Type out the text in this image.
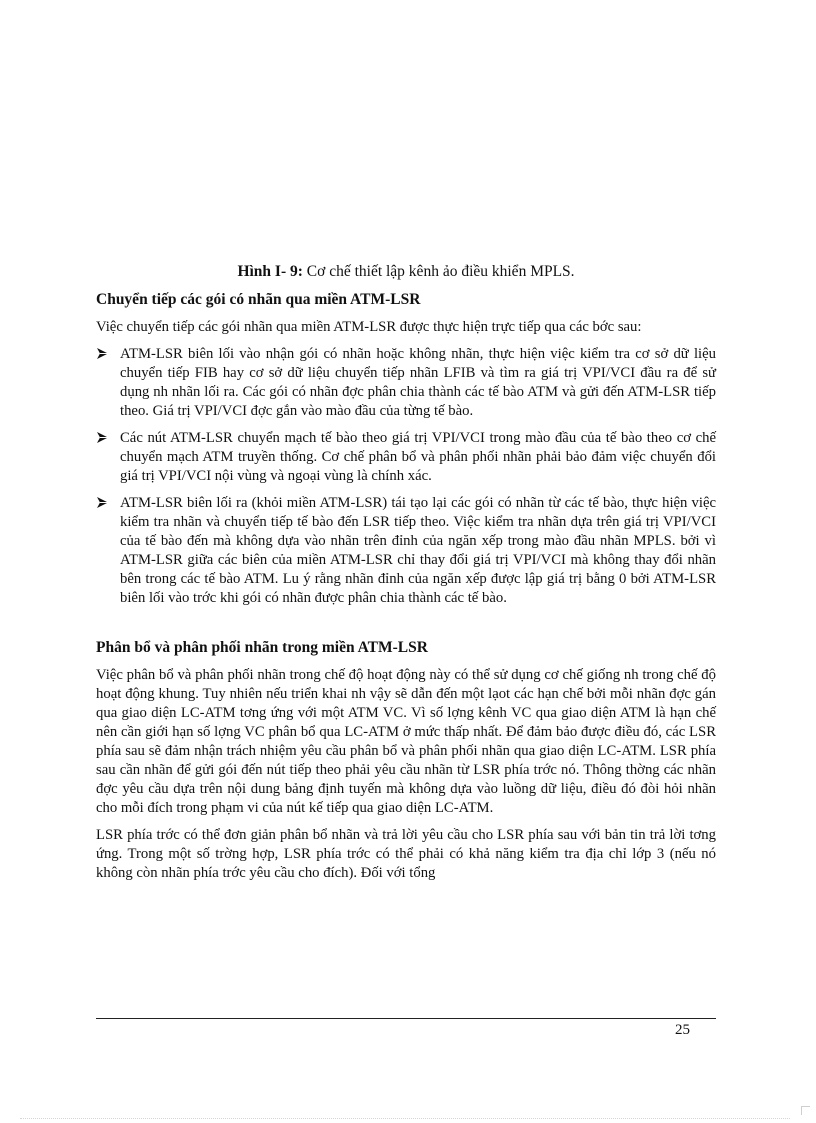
Hình I- 9: Cơ chế thiết lập kênh ảo điều khiển MPLS.
Chuyển tiếp các gói có nhãn qua miền ATM-LSR

Việc chuyển tiếp các gói nhãn qua miền ATM-LSR được thực hiện trực tiếp qua các bớc sau:

ATM-LSR biên lối vào nhận gói có nhãn hoặc không nhãn, thực hiện việc kiểm tra cơ sở dữ liệu chuyển tiếp FIB hay cơ sở dữ liệu chuyển tiếp nhãn LFIB và tìm ra giá trị VPI/VCI đầu ra để sử dụng nh nhãn lối ra. Các gói có nhãn đợc phân chia thành các tế bào ATM và gửi đến ATM-LSR tiếp theo. Giá trị VPI/VCI đợc gắn vào mào đầu của từng tế bào.
Các nút ATM-LSR chuyển mạch tế bào theo giá trị VPI/VCI trong mào đầu của tế bào theo cơ chế chuyển mạch ATM truyền thống. Cơ chế phân bổ và phân phối nhãn phải bảo đảm việc chuyển đổi giá trị VPI/VCI nội vùng và ngoại vùng là chính xác.
ATM-LSR biên lối ra (khỏi miền ATM-LSR) tái tạo lại các gói có nhãn từ các tế bào, thực hiện việc kiểm tra nhãn và chuyển tiếp tế bào đến LSR tiếp theo. Việc kiểm tra nhãn dựa trên giá trị VPI/VCI của tế bào đến mà không dựa vào nhãn trên đỉnh của ngăn xếp trong mào đầu nhãn MPLS. bởi vì ATM-LSR giữa các biên của miền ATM-LSR chỉ thay đổi giá trị VPI/VCI mà không thay đổi nhãn bên trong các tế bào ATM. Lu ý rằng nhãn đỉnh của ngăn xếp được lập giá trị bằng 0 bởi ATM-LSR biên lối vào trớc khi gói có nhãn được phân chia thành các tế bào.
Phân bổ và phân phối nhãn trong miền ATM-LSR

Việc phân bổ và phân phối nhãn trong chế độ hoạt động này có thể sử dụng cơ chế giống nh trong chế độ hoạt động khung. Tuy nhiên nếu triển khai nh vậy sẽ dẫn đến một lạot các hạn chế bởi mỗi nhãn đợc gán qua giao diện LC-ATM tơng ứng với một ATM VC. Vì số lợng kênh VC qua giao diện ATM là hạn chế nên cần giới hạn số lợng VC phân bổ qua LC-ATM ở mức thấp nhất. Để đảm bảo được điều đó, các LSR phía sau sẽ đảm nhận trách nhiệm yêu cầu phân bổ và phân phối nhãn qua giao diện LC-ATM. LSR phía sau cần nhãn để gửi gói đến nút tiếp theo phải yêu cầu nhãn từ LSR phía trớc nó. Thông thờng các nhãn đợc yêu cầu dựa trên nội dung bảng định tuyến mà không dựa vào luồng dữ liệu, điều đó đòi hỏi nhãn cho mỗi đích trong phạm vi của nút kế tiếp qua giao diện LC-ATM.

LSR phía trớc có thể đơn giản phân bổ nhãn và trả lời yêu cầu cho LSR phía sau với bản tin trả lời tơng ứng. Trong một số trờng hợp, LSR phía trớc có thể phải có khả năng kiểm tra địa chỉ lớp 3 (nếu nó không còn nhãn phía trớc yêu cầu cho đích). Đối với tổng

25
